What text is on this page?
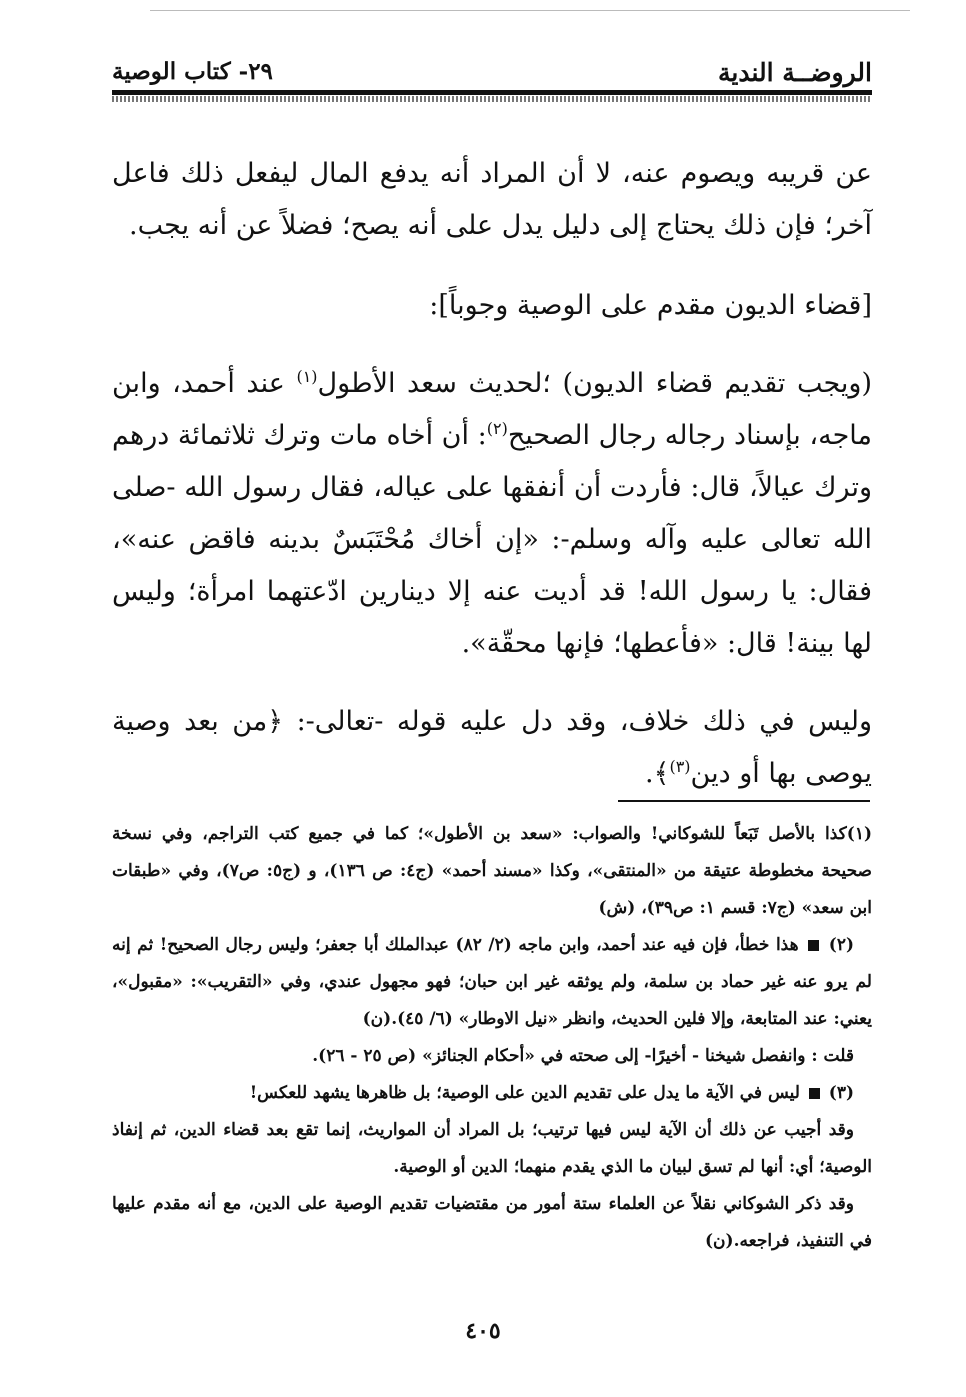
الروضــة الندية
٢٩- كتاب الوصية

عن قريبه ويصوم عنه، لا أن المراد أنه يدفع المال ليفعل ذلك فاعل آخر؛ فإن ذلك يحتاج إلى دليل يدل على أنه يصح؛ فضلاً عن أنه يجب.

[قضاء الديون مقدم على الوصية وجوباً]:

(ويجب تقديم قضاء الديون) ؛لحديث سعد الأطول$^{(١)}$ عند أحمد، وابن ماجه، بإسناد رجاله رجال الصحيح$^{(٢)}$: أن أخاه مات وترك ثلاثمائة درهم وترك عيالاً، قال: فأردت أن أنفقها على عياله، فقال رسول الله -صلى الله تعالى عليه وآله وسلم-: «إن أخاك مُحْتَبَسٌ بدينه فاقض عنه»، فقال: يا رسول الله! قد أديت عنه إلا دينارين ادّعتهما امرأة؛ وليس لها بينة! قال: «فأعطها؛ فإنها محقّة».

وليس في ذلك خلاف، وقد دل عليه قوله -تعالى-: ﴿من بعد وصية يوصى بها أو دين$^{(٣)}$﴾.

(١)كذا بالأصل تَبَعاً للشوكاني! والصواب: «سعد بن الأطول»؛ كما في جميع كتب التراجم، وفي نسخة صحيحة مخطوطة عتيقة من «المنتقى»، وكذا «مسند أحمد» (ج٤: ص ١٣٦)، و (ج٥: ص٧)، وفي «طبقات ابن سعد» (ج٧: قسم ١: ص٣٩)، (ش)

(٢)  هذا خطأ، فإن فيه عند أحمد، وابن ماجه (٢/ ٨٢) عبدالملك أبا جعفر؛ وليس رجال الصحيح! ثم إنه لم يرو عنه غير حماد بن سلمة، ولم يوثقه غير ابن حبان؛ فهو مجهول عندي، وفي «التقريب»: «مقبول»، يعني: عند المتابعة، وإلا فلين الحديث، وانظر «نيل الاوطار» (٦/ ٤٥).(ن)

قلت : وانفصل شيخنا - أخيرًا- إلى صحته في «أحكام الجنائز» (ص ٢٥ - ٢٦).

(٣)  ليس في الآية ما يدل على تقديم الدين على الوصية؛ بل ظاهرها يشهد للعكس!

وقد أجيب عن ذلك أن الآية ليس فيها ترتيب؛ بل المراد أن المواريث، إنما تقع بعد قضاء الدين، ثم إنفاذ الوصية؛ أي: أنها لم تسق لبيان ما الذي يقدم منهما؛ الدين أو الوصية.

وقد ذكر الشوكاني نقلاً عن العلماء ستة أمور من مقتضيات تقديم الوصية على الدين، مع أنه مقدم عليها في التنفيذ، فراجعه.(ن)

٤٠٥
